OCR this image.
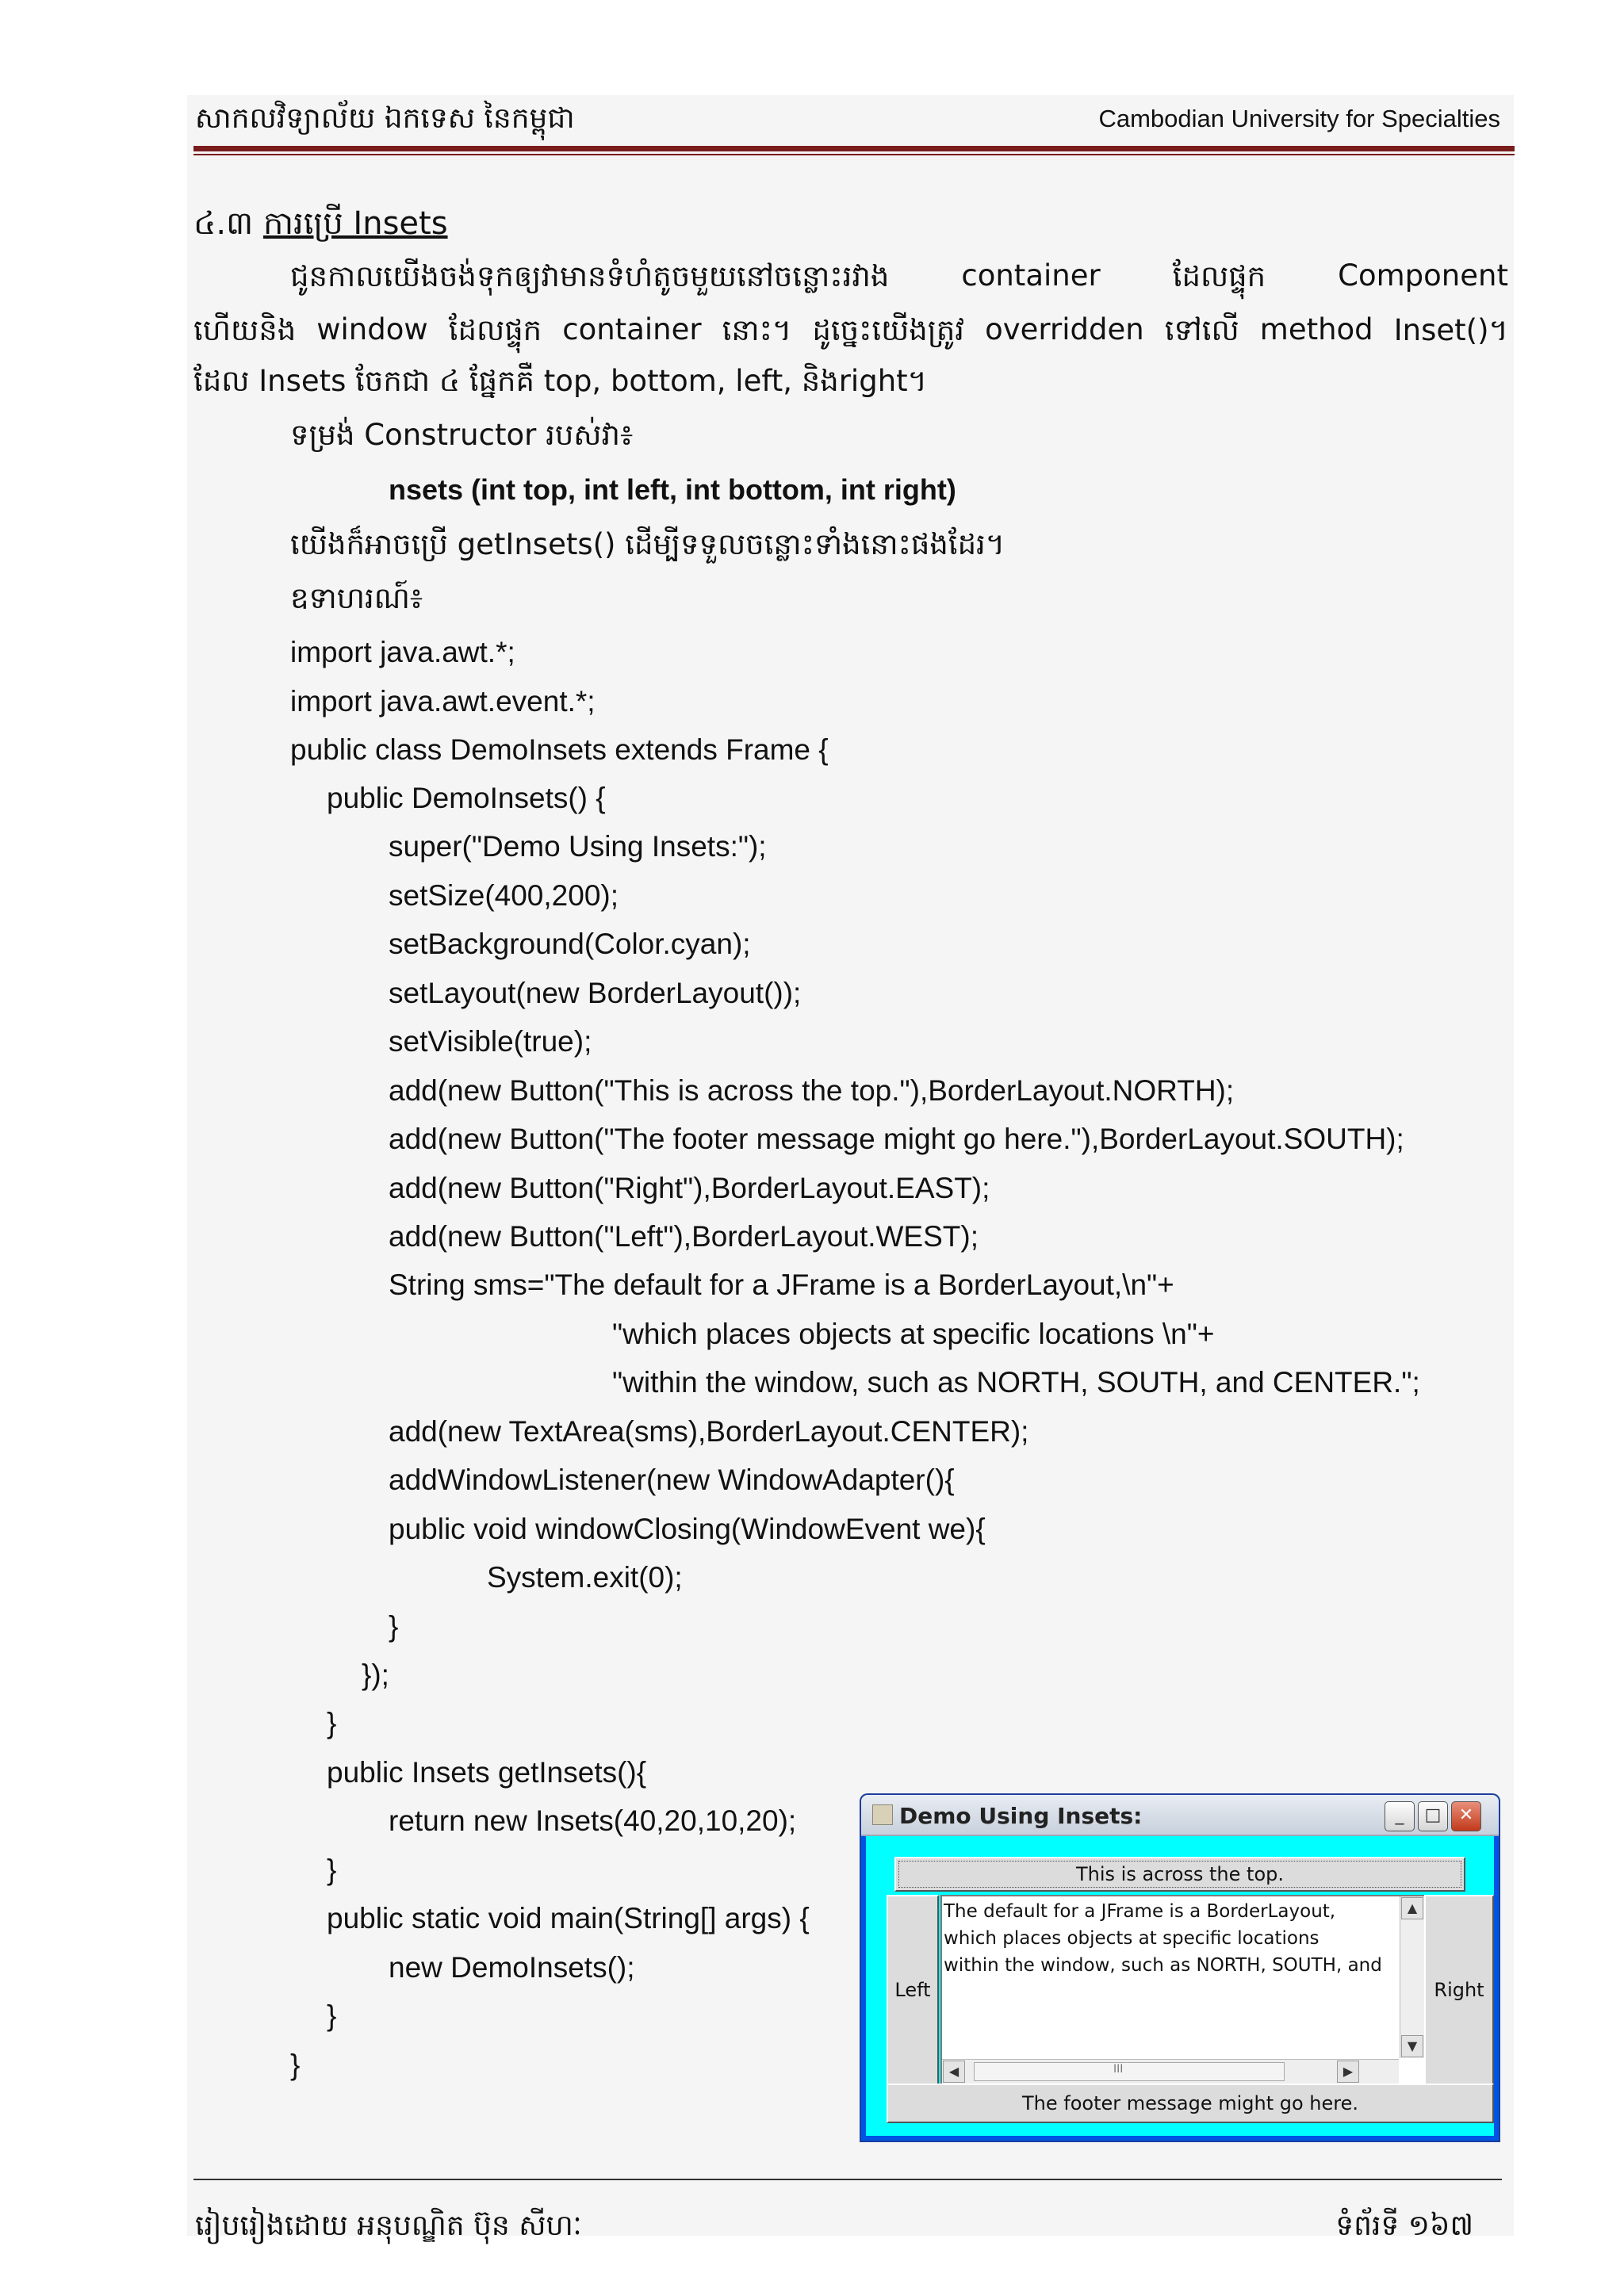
សាកលវិទ្យាល័យ ឯកទេស នៃកម្ពុជា	Cambodian University for Specialties
៤.៣ ការប្រើ Insets
ជូនកាលយើងចង់ទុកឲ្យវាមានទំហំតូចមួយនៅចន្លោះរវាង container ដែលផ្ទុក Component
ហើយនិង window ដែលផ្ទុក container នោះ។ ដូច្នេះយើងត្រូវ overridden ទៅលើ method Inset()។
ដែល Insets ចែកជា ៤ ផ្នែកគឺ top, bottom, left, និងright។
ទម្រង់ Constructor របស់វា៖
nsets (int top, int left, int bottom, int right)
យើងក៏អាចប្រើ getInsets() ដើម្បីទទួលចន្លោះទាំងនោះផងដែរ។
ឧទាហរណ៍៖
import java.awt.*;
import java.awt.event.*;
public class DemoInsets extends Frame {
public DemoInsets() {
super("Demo Using Insets:");
setSize(400,200);
setBackground(Color.cyan);
setLayout(new BorderLayout());
setVisible(true);
add(new Button("This is across the top."),BorderLayout.NORTH);
add(new Button("The footer message might go here."),BorderLayout.SOUTH);
add(new Button("Right"),BorderLayout.EAST);
add(new Button("Left"),BorderLayout.WEST);
String sms="The default for a JFrame is a BorderLayout,\n"+
"which places objects at specific locations \n"+
"within the window, such as NORTH, SOUTH, and CENTER.";
add(new TextArea(sms),BorderLayout.CENTER);
addWindowListener(new WindowAdapter(){
public void windowClosing(WindowEvent we){
System.exit(0);
}
});
}
public Insets getInsets(){
return new Insets(40,20,10,20);
}
public static void main(String[] args) {
new DemoInsets();
}
}
Demo Using Insets:	_	□	✕
This is across the top.
Left
The default for a JFrame is a BorderLayout,
which places objects at specific locations
within the window, such as NORTH, SOUTH, and
▲
▼
◀	III	▶
Right
The footer message might go here.
រៀបរៀងដោយ អនុបណ្ឌិត ប៊ុន សីហៈ	ទំព័រទី ១៦៧
